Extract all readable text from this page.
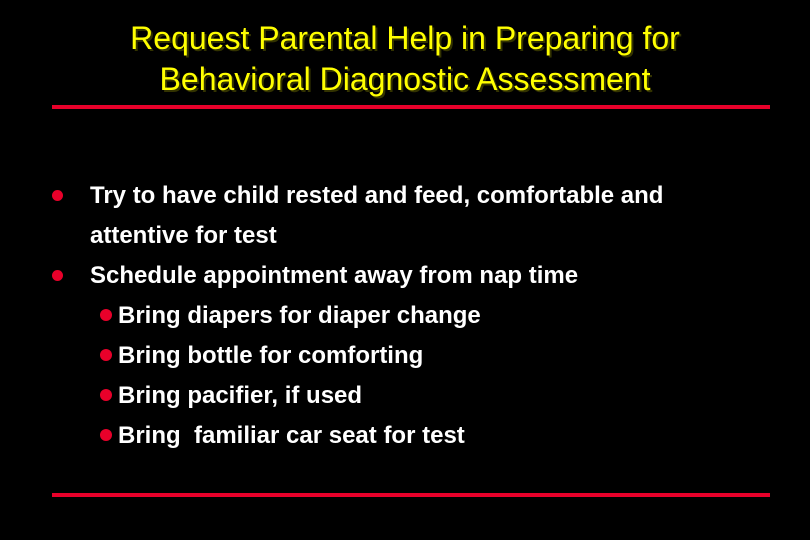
Request Parental Help in Preparing for
Behavioral Diagnostic Assessment
Try to have child rested and feed, comfortable and
attentive for test
Schedule appointment away from nap time
Bring diapers for diaper change
Bring bottle for comforting
Bring pacifier, if used
Bring  familiar car seat for test
